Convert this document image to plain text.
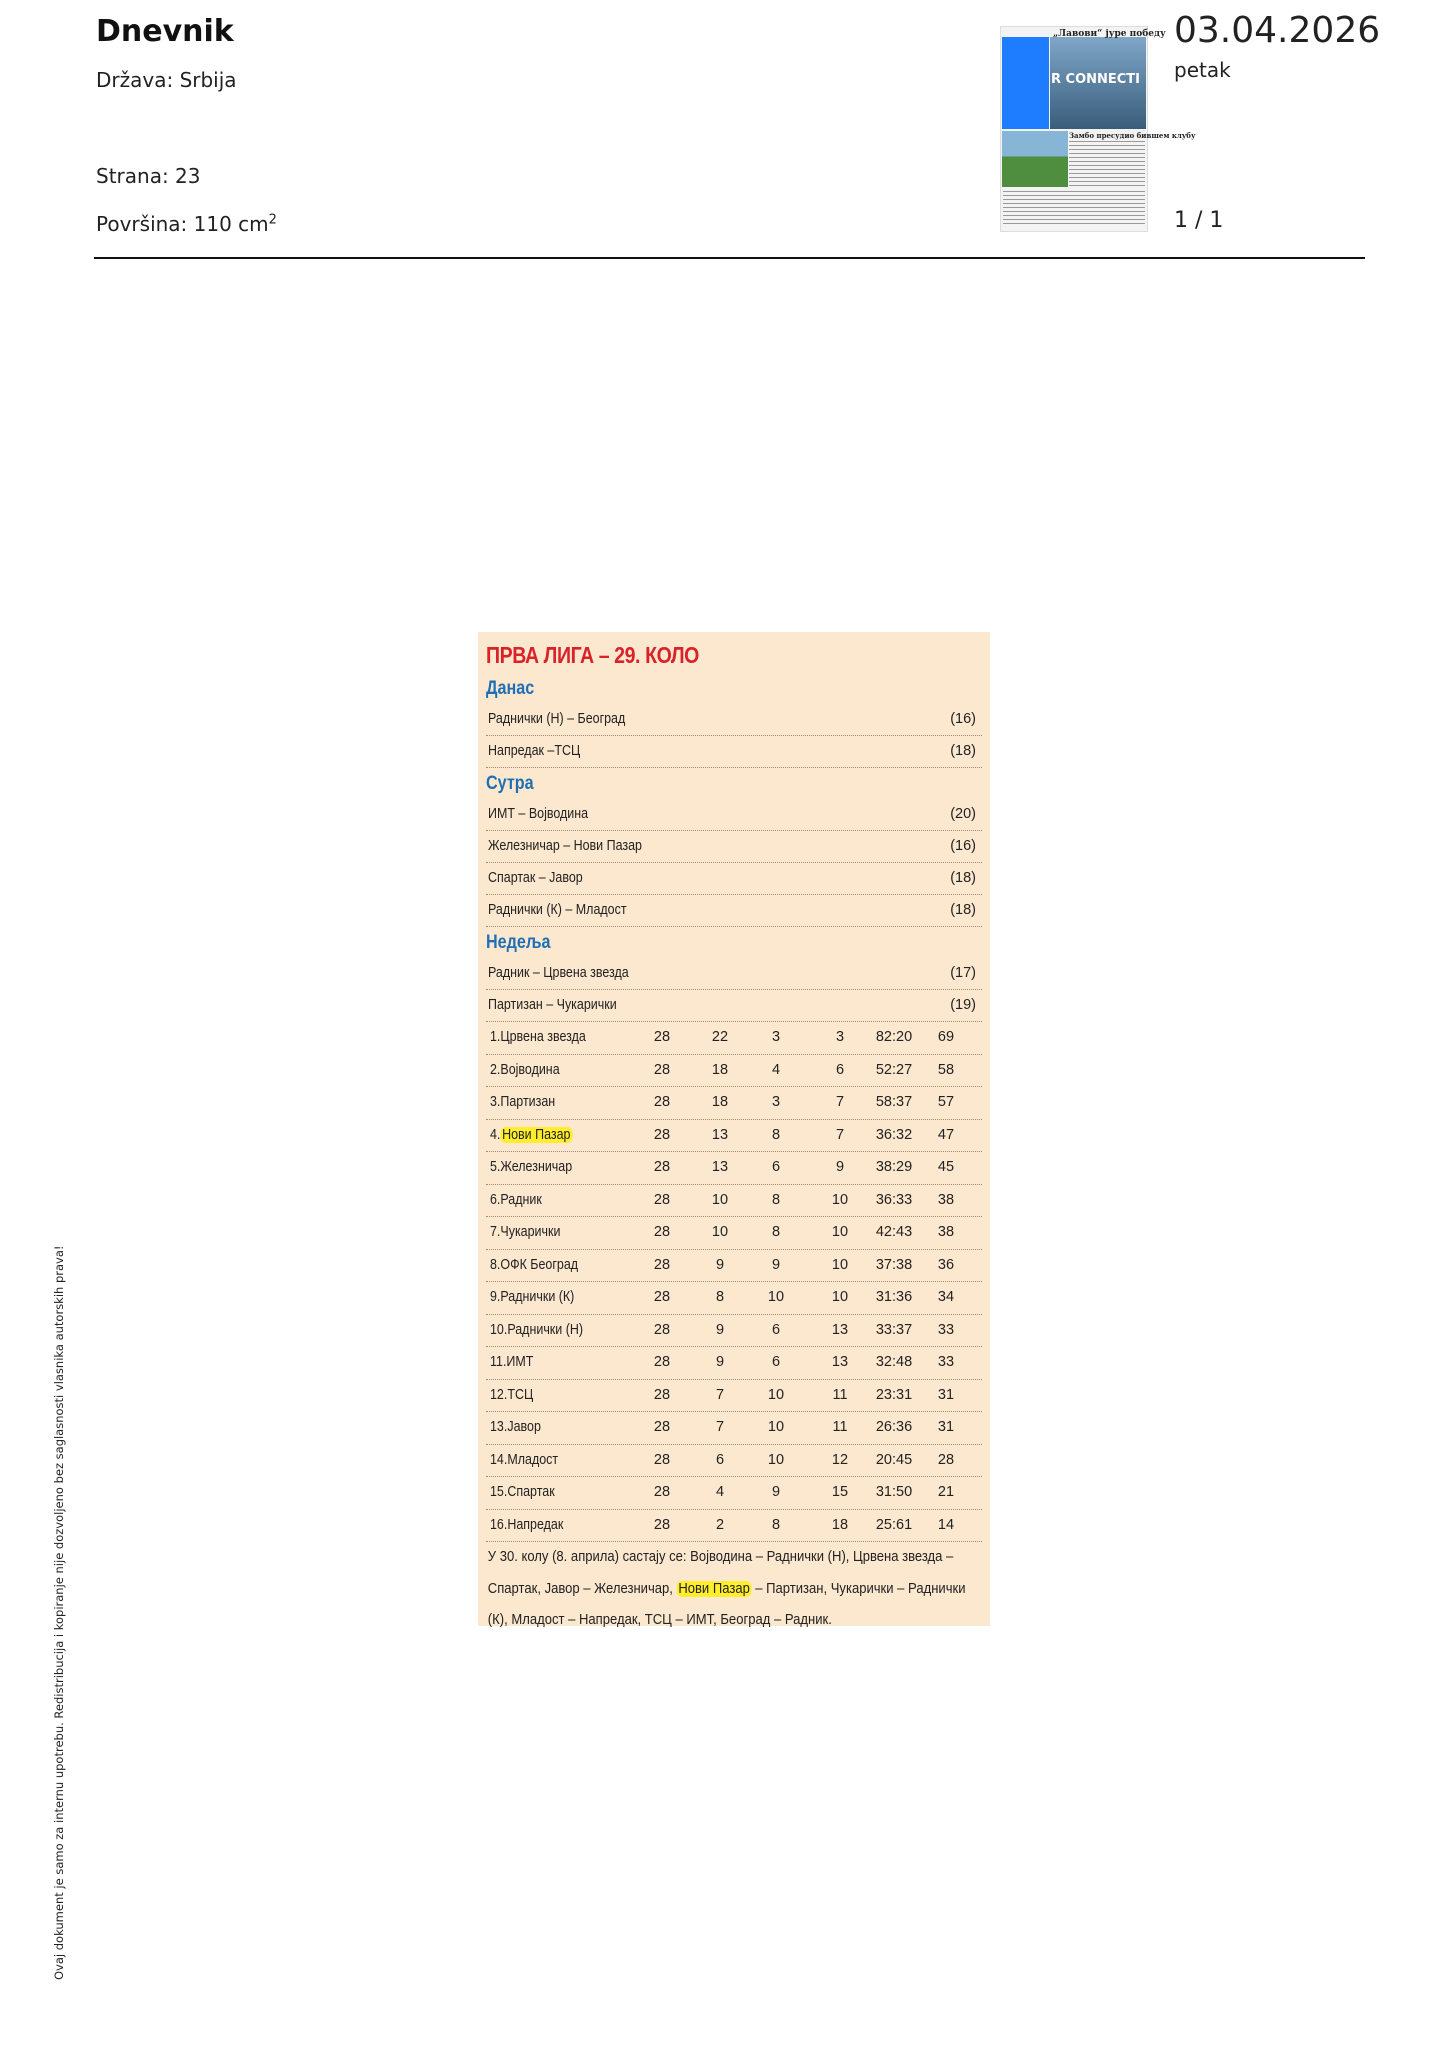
Dnevnik
Država: Srbija
Strana: 23
Površina: 110 $cm^2$
„Лавови“ јуре победу
R CONNECTI
Замбо пресудио бившем клубу
03.04.2026
petak
1 / 1
Ovaj dokument je samo za internu upotrebu. Redistribucija i kopiranje nije dozvoljeno bez saglasnosti vlasnika autorskih prava!
ПРВА ЛИГА – 29. КОЛО
Данас
Раднички (Н) – Београд	(16)
Напредак –ТСЦ	(18)
Сутра
ИМТ – Војводина	(20)
Железничар – Нови Пазар	(16)
Спартак – Јавор	(18)
Раднички (К) – Младост	(18)
Недеља
Радник – Црвена звезда	(17)
Партизан – Чукарички	(19)
1.Црвена звезда	28	22	3	3	82:20	69
2.Војводина	28	18	4	6	52:27	58
3.Партизан	28	18	3	7	58:37	57
4. Нови Пазар	28	13	8	7	36:32	47
5.Железничар	28	13	6	9	38:29	45
6.Радник	28	10	8	10	36:33	38
7.Чукарички	28	10	8	10	42:43	38
8.ОФК Београд	28	9	9	10	37:38	36
9.Раднички (К)	28	8	10	10	31:36	34
10.Раднички (Н)	28	9	6	13	33:37	33
11.ИМТ	28	9	6	13	32:48	33
12.ТСЦ	28	7	10	11	23:31	31
13.Јавор	28	7	10	11	26:36	31
14.Младост	28	6	10	12	20:45	28
15.Спартак	28	4	9	15	31:50	21
16.Напредак	28	2	8	18	25:61	14
У 30. колу (8. априла) састају се: Војводина – Раднички (Н), Црвена звезда – Спартак, Јавор – Железничар, Нови Пазар – Партизан, Чукарички – Раднички (К), Младост – Напредак, ТСЦ – ИМТ, Београд – Радник.
